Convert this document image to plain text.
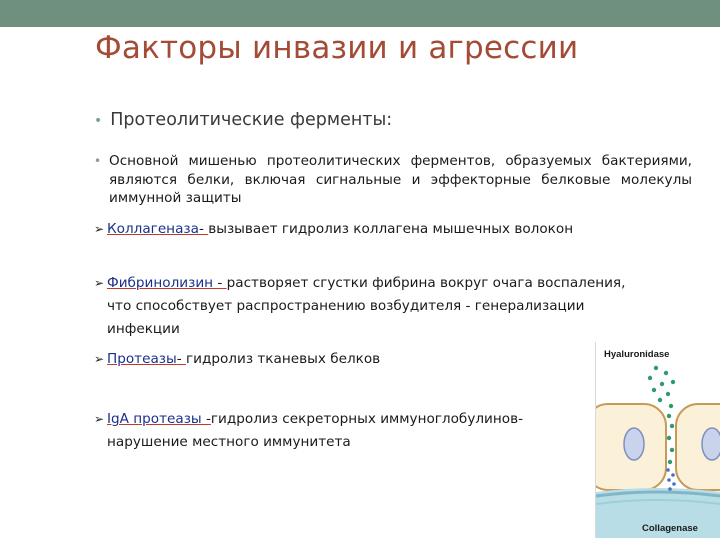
Факторы инвазии и агрессии
• Протеолитические ферменты:
• Основной мишенью протеолитических ферментов, образуемых бактериями, являются белки, включая сигнальные и эффекторные белковые молекулы иммунной защиты
➢ Коллагеназа- вызывает гидролиз коллагена мышечных волокон
➢ Фибринолизин - растворяет сгустки фибрина вокруг очага воспаления, что способствует распространению возбудителя - генерализации инфекции
➢ Протеазы- гидролиз тканевых белков
➢ IgA протеазы -гидролиз секреторных иммуноглобулинов- нарушение местного иммунитета
Hyaluronidase
Collagenase
